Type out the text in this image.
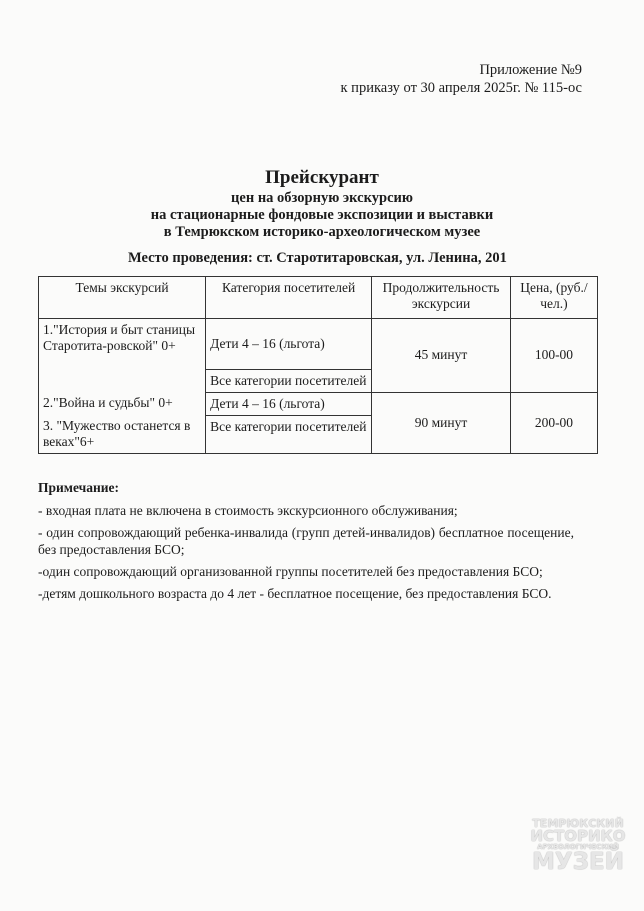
Приложение №9
к приказу от 30 апреля 2025г. № 115-ос
Прейскурант
цен на обзорную экскурсию
на стационарные фондовые экспозиции и выставки
в Темрюкском историко-археологическом музее
Место проведения: ст. Старотитаровская, ул. Ленина, 201
Темы экскурсий	Категория посетителей	Продолжительность экскурсии	Цена, (руб./чел.)
1."История и быт станицы Старотита-ровской" 0+	Дети 4 – 16 (льгота)	45 минут	100-00
	Все категории посетителей		
2."Война и судьбы" 0+	Дети 4 – 16 (льгота)	90 минут	200-00
3. "Мужество останется в веках"6+	Все категории посетителей		
Примечание:
- входная плата не включена в стоимость экскурсионного обслуживания;
- один сопровождающий ребенка-инвалида (групп детей-инвалидов) бесплатное посещение, без предоставления БСО;
-один сопровождающий организованной группы посетителей без предоставления БСО;
-детям дошкольного возраста до 4 лет - бесплатное посещение, без предоставления БСО.
ТЕМРЮКСКИЙ
ИСТОРИКО
АРХЕОЛОГИЧЕСКИЙ
МУЗЕЙ
